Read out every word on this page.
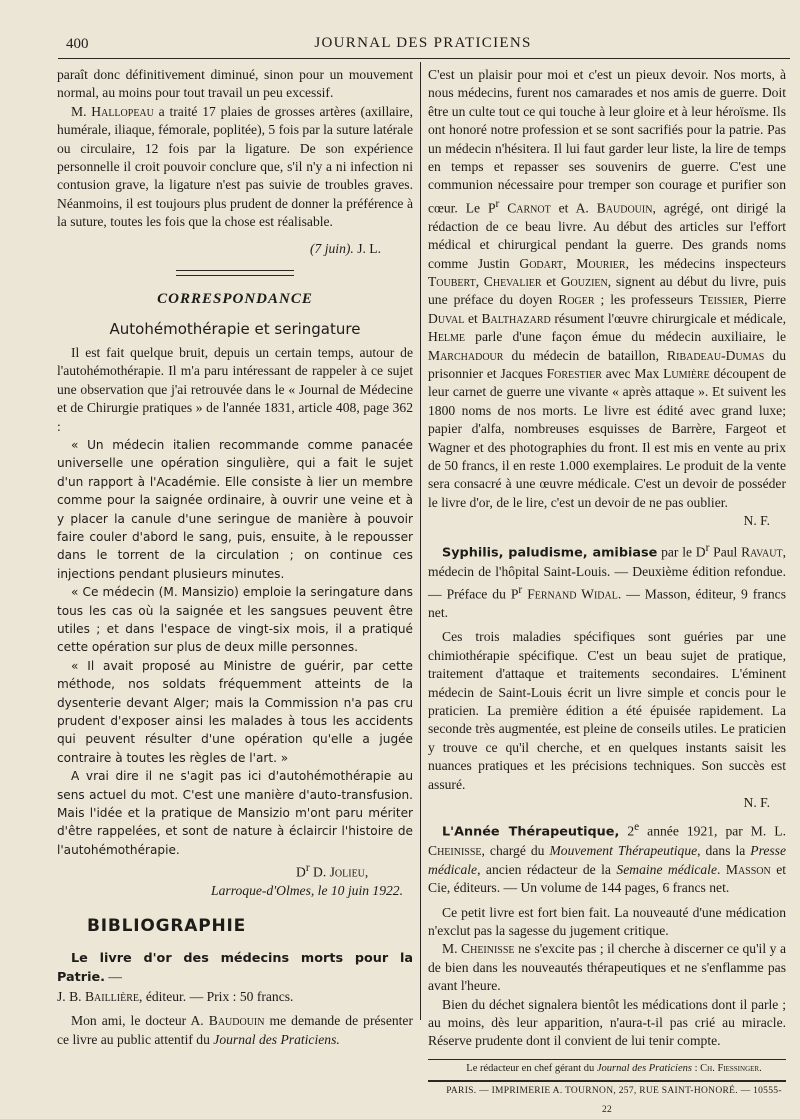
400	JOURNAL DES PRATICIENS

paraît donc définitivement diminué, sinon pour un mouvement normal, au moins pour tout travail un peu excessif.

M. Hallopeau a traité 17 plaies de grosses artères (axillaire, humérale, iliaque, fémorale, poplitée), 5 fois par la suture latérale ou circulaire, 12 fois par la ligature. De son expérience personnelle il croit pouvoir conclure que, s'il n'y a ni infection ni contusion grave, la ligature n'est pas suivie de troubles graves. Néanmoins, il est toujours plus prudent de donner la préférence à la suture, toutes les fois que la chose est réalisable.

(7 juin). J. L.

CORRESPONDANCE
Autohémothérapie et seringature

Il est fait quelque bruit, depuis un certain temps, autour de l'autohémothérapie. Il m'a paru intéressant de rappeler à ce sujet une observation que j'ai retrouvée dans le « Journal de Médecine et de Chirurgie pratiques » de l'année 1831, article 408, page 362 :

« Un médecin italien recommande comme panacée universelle une opération singulière, qui a fait le sujet d'un rapport à l'Académie. Elle consiste à lier un membre comme pour la saignée ordinaire, à ouvrir une veine et à y placer la canule d'une seringue de manière à pouvoir faire couler d'abord le sang, puis, ensuite, à le repousser dans le torrent de la circulation ; on continue ces injections pendant plusieurs minutes.

« Ce médecin (M. Mansizio) emploie la seringature dans tous les cas où la saignée et les sangsues peuvent être utiles ; et dans l'espace de vingt-six mois, il a pratiqué cette opération sur plus de deux mille personnes.

« Il avait proposé au Ministre de guérir, par cette méthode, nos soldats fréquemment atteints de la dysenterie devant Alger; mais la Commission n'a pas cru prudent d'exposer ainsi les malades à tous les accidents qui peuvent résulter d'une opération qu'elle a jugée contraire à toutes les règles de l'art. »

A vrai dire il ne s'agit pas ici d'autohémothérapie au sens actuel du mot. C'est une manière d'auto-transfusion. Mais l'idée et la pratique de Mansizio m'ont paru mériter d'être rappelées, et sont de nature à éclaircir l'histoire de l'autohémothérapie.

$D^r$ D. Jolieu,

Larroque-d'Olmes, le 10 juin 1922.

BIBLIOGRAPHIE

Le livre d'or des médecins morts pour la Patrie. —

J. B. Baillière, éditeur. — Prix : 50 francs.

Mon ami, le docteur A. Baudouin me demande de présenter ce livre au public attentif du Journal des Praticiens.

C'est un plaisir pour moi et c'est un pieux devoir. Nos morts, à nous médecins, furent nos camarades et nos amis de guerre. Doit être un culte tout ce qui touche à leur gloire et à leur héroïsme. Ils ont honoré notre profession et se sont sacrifiés pour la patrie. Pas un médecin n'hésitera. Il lui faut garder leur liste, la lire de temps en temps et repasser ses souvenirs de guerre. C'est une communion nécessaire pour tremper son courage et purifier son cœur. Le $P^r$ Carnot et A. Baudouin, agrégé, ont dirigé la rédaction de ce beau livre. Au début des articles sur l'effort médical et chirurgical pendant la guerre. Des grands noms comme Justin Godart, Mourier, les médecins inspecteurs Toubert, Chevalier et Gouzien, signent au début du livre, puis une préface du doyen Roger ; les professeurs Teissier, Pierre Duval et Balthazard résument l'œuvre chirurgicale et médicale, Helme parle d'une façon émue du médecin auxiliaire, le Marchadour du médecin de bataillon, Ribadeau-Dumas du prisonnier et Jacques Forestier avec Max Lumière découpent de leur carnet de guerre une vivante « après attaque ». Et suivent les 1800 noms de nos morts. Le livre est édité avec grand luxe; papier d'alfa, nombreuses esquisses de Barrère, Fargeot et Wagner et des photographies du front. Il est mis en vente au prix de 50 francs, il en reste 1.000 exemplaires. Le produit de la vente sera consacré à une œuvre médicale. C'est un devoir de posséder le livre d'or, de le lire, c'est un devoir de ne pas oublier.

N. F.

Syphilis, paludisme, amibiase par le $D^r$ Paul Ravaut, médecin de l'hôpital Saint-Louis. — Deuxième édition refondue. — Préface du $P^r$ Fernand Widal. — Masson, éditeur, 9 francs net.

Ces trois maladies spécifiques sont guéries par une chimiothérapie spécifique. C'est un beau sujet de pratique, traitement d'attaque et traitements secondaires. L'éminent médecin de Saint-Louis écrit un livre simple et concis pour le praticien. La première édition a été épuisée rapidement. La seconde très augmentée, est pleine de conseils utiles. Le praticien y trouve ce qu'il cherche, et en quelques instants saisit les nuances pratiques et les précisions techniques. Son succès est assuré.

N. F.

L'Année Thérapeutique, 2e année 1921, par M. L. Cheinisse, chargé du Mouvement Thérapeutique, dans la Presse médicale, ancien rédacteur de la Semaine médicale. Masson et Cie, éditeurs. — Un volume de 144 pages, 6 francs net.

Ce petit livre est fort bien fait. La nouveauté d'une médication n'exclut pas la sagesse du jugement critique.

M. Cheinisse ne s'excite pas ; il cherche à discerner ce qu'il y a de bien dans les nouveautés thérapeutiques et ne s'enflamme pas avant l'heure.

Bien du déchet signalera bientôt les médications dont il parle ; au moins, dès leur apparition, n'aura-t-il pas crié au miracle. Réserve prudente dont il convient de lui tenir compte.

Le rédacteur en chef gérant du Journal des Praticiens : Ch. Fiessinger.

PARIS. — IMPRIMERIE A. TOURNON, 257, RUE SAINT-HONORÉ. — 10555-22
